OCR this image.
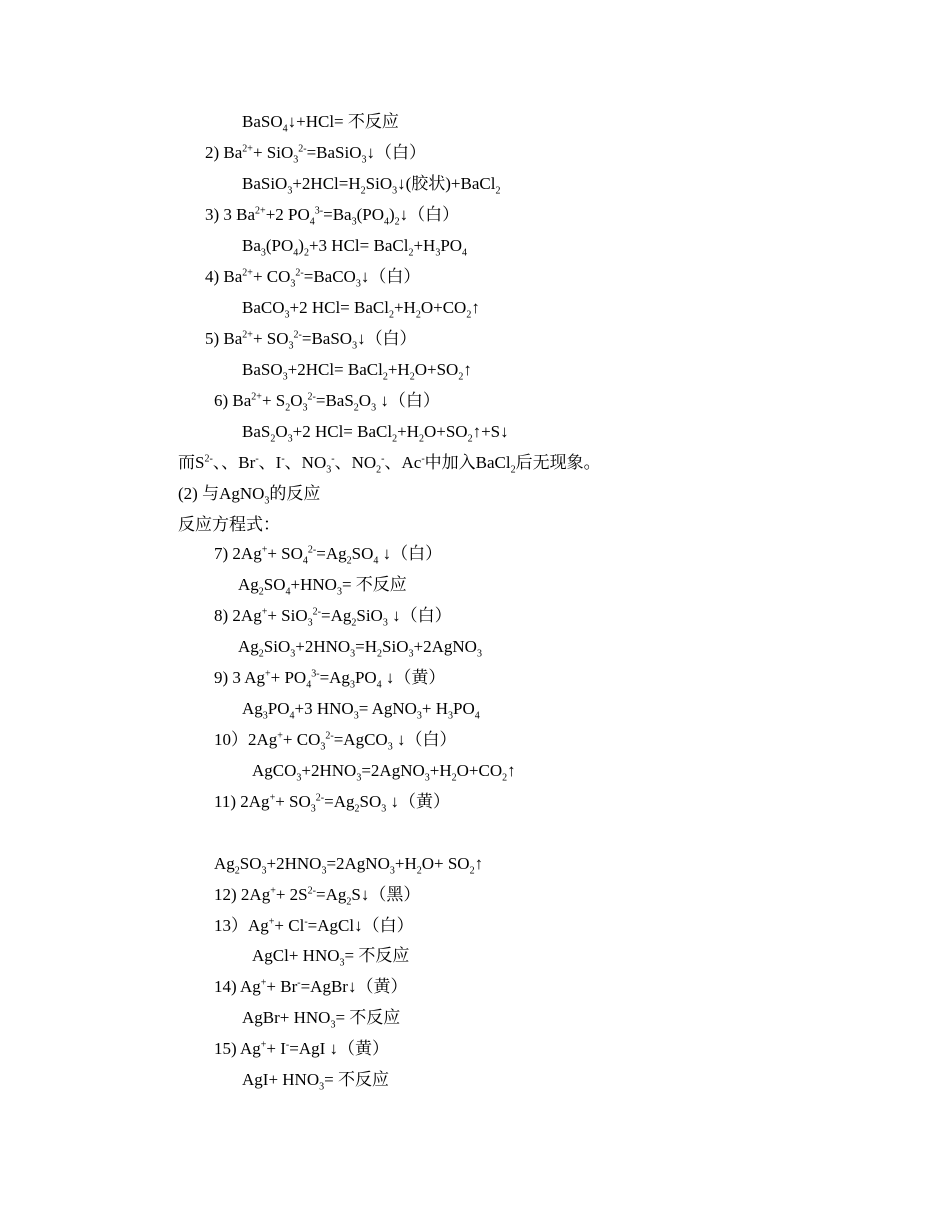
BaSO$_4$↓+HCl= 不反应
2) $Ba^{2+}+$ SiO$_3^{2-}$=BaSiO$_3$↓（白）
$BaSiO_3+2HCl=H_2SiO_3↓$(胶状)+BaCl$_2$
3) 3 $Ba^{2+}+2$ $PO_4^{3-}=Ba_3(PO_4)_2↓$（白）
$Ba_3(PO_4)_2+3$ $HCl= BaCl_2+H_3PO_4$
4) $Ba^{2+}+$ $CO_3^{2-}=BaCO_3↓$（白）
BaCO$_3$+2 $HCl= BaCl_2+H_2O+CO_2↑$
5) $Ba^{2+}+$ $SO_3^{2-}=BaSO_3↓$（白）
BaSO$_3$+2HCl= $BaCl_2+H_2O+SO_2↑$
6) $Ba^{2+}+ S_2O_3^{2-}=BaS_2O_3$ ↓（白）
$BaS_2O_3+2$ $HCl= BaCl_2+H_2O+SO_2↑+S↓$
而$S^{2-}$、、Br-、I-、$NO_3^-$、$NO_2^-$、Ac-中加入BaCl$_2$后无现象。
(2) 与AgNO$_3$的反应
反应方程式：
7) $2Ag^++ SO_4^{2-}=Ag_2SO_4$ ↓（白）
$Ag_2SO_4+HNO_3=$ 不反应
8) $2Ag^++ SiO_3^{2-}=Ag_2SiO_3$ ↓（白）
$Ag_2SiO_3+2HNO_3=H_2SiO_3+2AgNO_3$
9) 3 $Ag^++ PO_4^{3-}=Ag_3PO_4$ ↓（黄）
$Ag_3PO_4+3$ $HNO_3=$ AgNO$_3$+ $H_3PO_4$
$10)2Ag^++ CO_3^{2-}=AgCO_3$ ↓（白）
$AgCO_3+2HNO_3=2AgNO_3+H_2O+CO_2↑$
11) $2Ag^++ SO_3^{2-}=Ag_2SO_3$ ↓（黄）
$Ag_2SO_3+2HNO_3=2AgNO_3+H_2O+$ $SO_2↑$
12) $2Ag^++ 2S^{2-}=Ag_2S↓$（黑）
13）Ag++ Cl-=AgCl↓（白）
AgCl+ $HNO_3=$ 不反应
14) Ag++ Br-=AgBr↓（黄）
AgBr+ $HNO_3=$ 不反应
15) Ag++ I-=AgI ↓（黄）
$AgI+ HNO_3=$ 不反应
